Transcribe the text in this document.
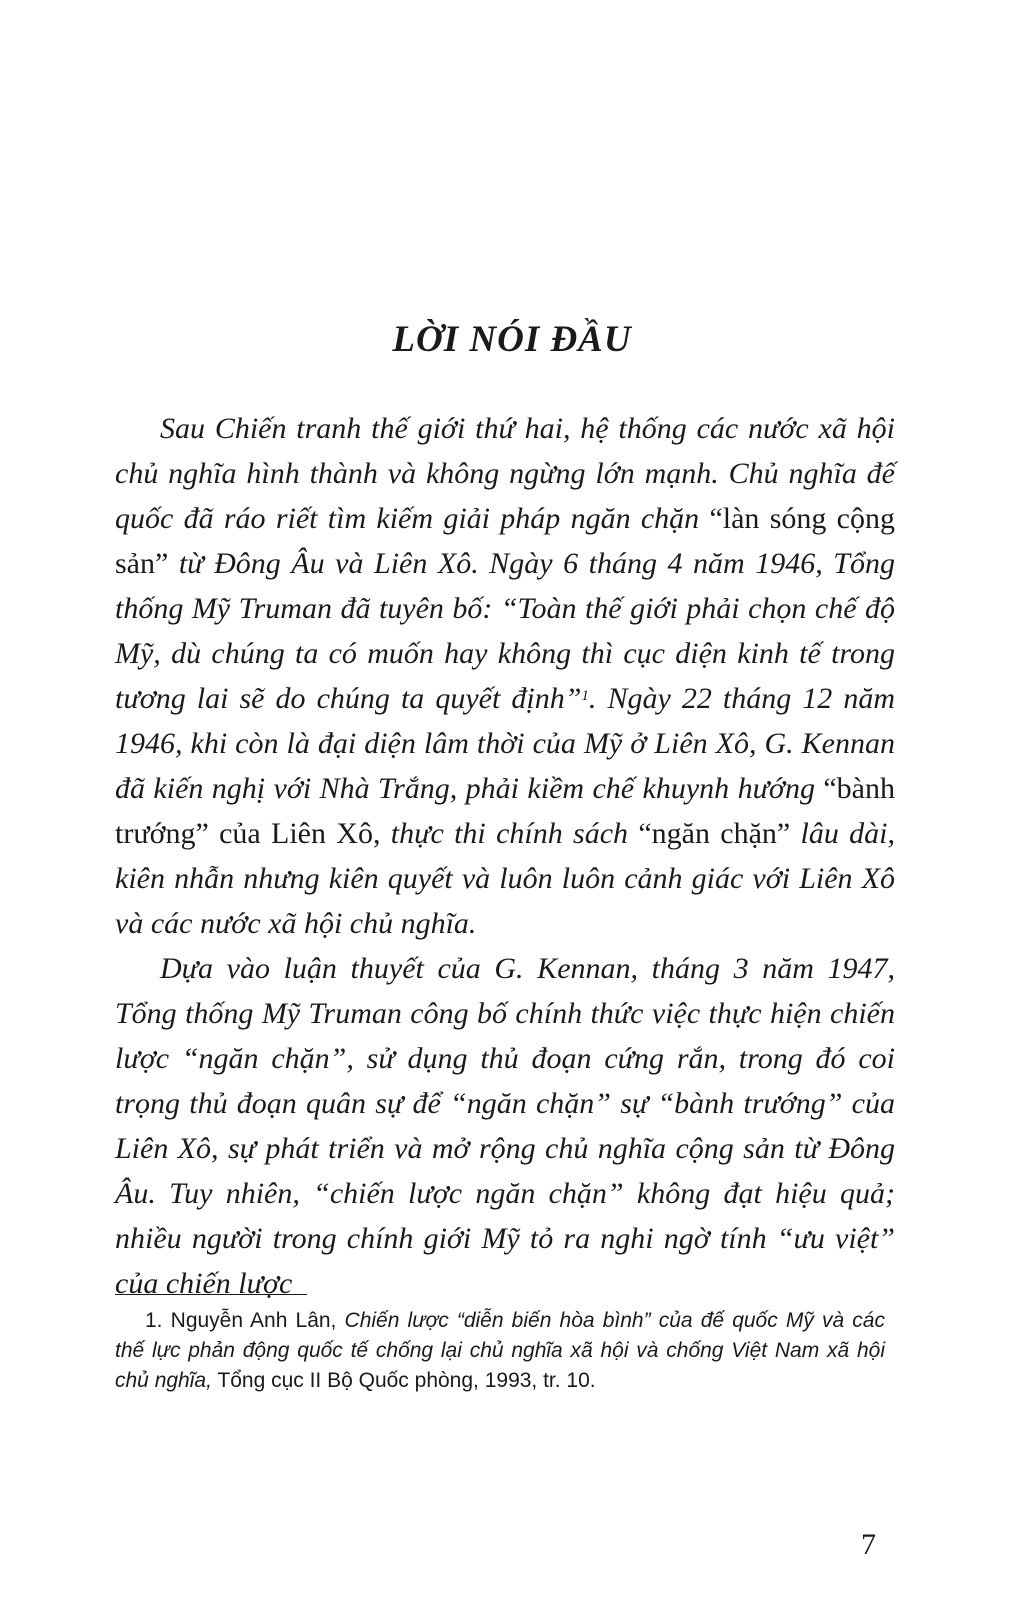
LỜI NÓI ĐẦU

Sau Chiến tranh thế giới thứ hai, hệ thống các nước xã hội chủ nghĩa hình thành và không ngừng lớn mạnh. Chủ nghĩa đế quốc đã ráo riết tìm kiếm giải pháp ngăn chặn “làn sóng cộng sản” từ Đông Âu và Liên Xô. Ngày 6 tháng 4 năm 1946, Tổng thống Mỹ Truman đã tuyên bố: “Toàn thế giới phải chọn chế độ Mỹ, dù chúng ta có muốn hay không thì cục diện kinh tế trong tương lai sẽ do chúng ta quyết định”$^1$. Ngày 22 tháng 12 năm 1946, khi còn là đại diện lâm thời của Mỹ ở Liên Xô, G. Kennan đã kiến nghị với Nhà Trắng, phải kiềm chế khuynh hướng “bành trướng” của Liên Xô, thực thi chính sách “ngăn chặn” lâu dài, kiên nhẫn nhưng kiên quyết và luôn luôn cảnh giác với Liên Xô và các nước xã hội chủ nghĩa.

Dựa vào luận thuyết của G. Kennan, tháng 3 năm 1947, Tổng thống Mỹ Truman công bố chính thức việc thực hiện chiến lược “ngăn chặn”, sử dụng thủ đoạn cứng rắn, trong đó coi trọng thủ đoạn quân sự để “ngăn chặn” sự “bành trướng” của Liên Xô, sự phát triển và mở rộng chủ nghĩa cộng sản từ Đông Âu. Tuy nhiên, “chiến lược ngăn chặn” không đạt hiệu quả; nhiều người trong chính giới Mỹ tỏ ra nghi ngờ tính “ưu việt” của chiến lược

1. Nguyễn Anh Lân, Chiến lược “diễn biến hòa bình” của đế quốc Mỹ và các thế lực phản động quốc tế chống lại chủ nghĩa xã hội và chống Việt Nam xã hội chủ nghĩa, Tổng cục II Bộ Quốc phòng, 1993, tr. 10.

7
